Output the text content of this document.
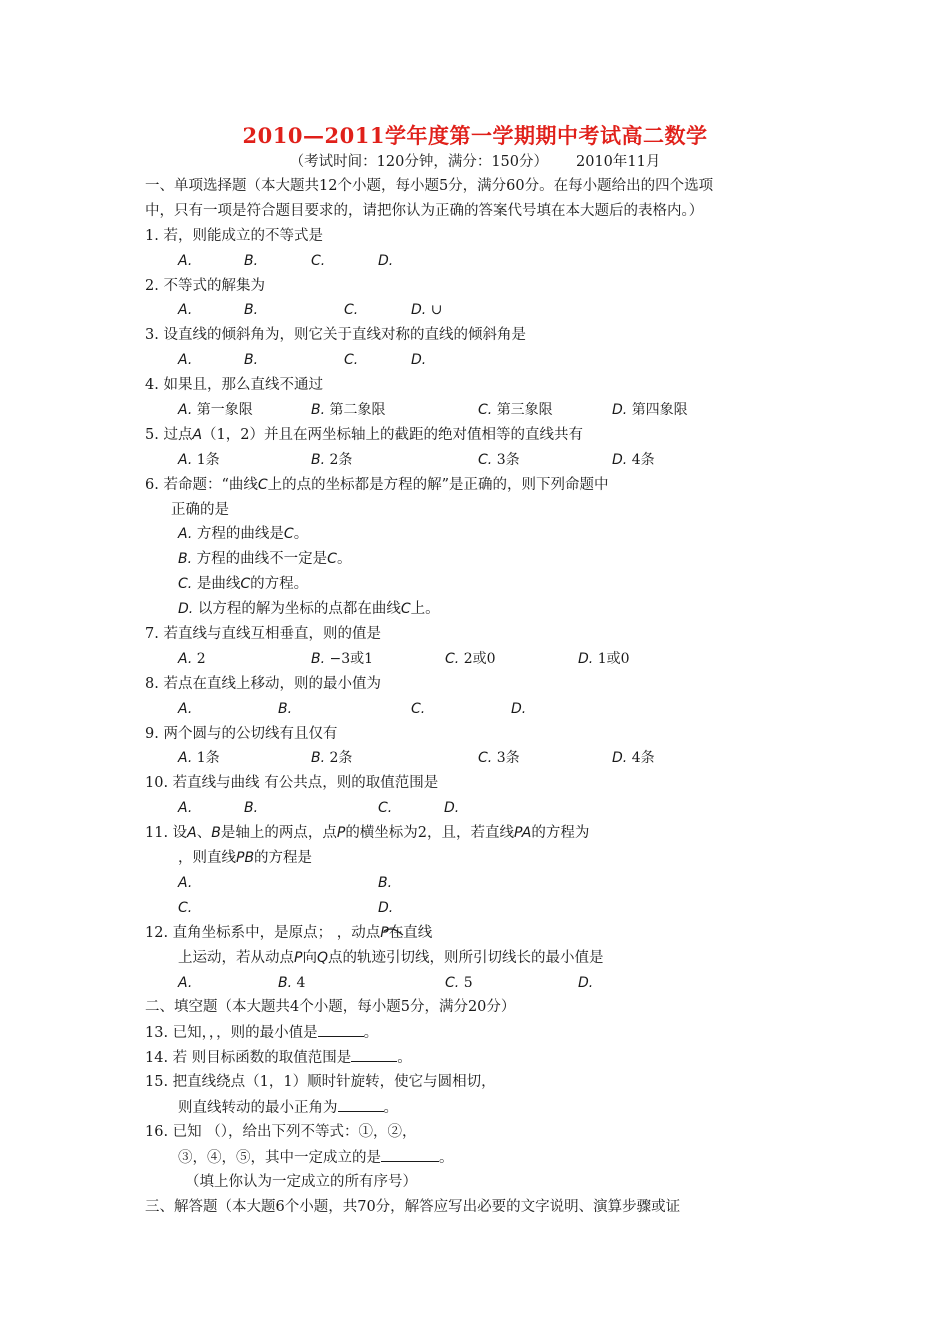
2010—2011学年度第一学期期中考试高二数学
（考试时间：120分钟，满分：150分） 2010年11月
一、单项选择题（本大题共12个小题，每小题5分，满分60分。在每小题给出的四个选项
中，只有一项是符合题目要求的，请把你认为正确的答案代号填在本大题后的表格内。）
1. 若，则能成立的不等式是
A.	B.	C.	D.
2. 不等式的解集为
A.	B.	C.	D. ∪
3. 设直线的倾斜角为，则它关于直线对称的直线的倾斜角是
A.	B.	C.	D.
4. 如果且，那么直线不通过
A. 第一象限	B. 第二象限	C. 第三象限	D. 第四象限
5. 过点A（1，2）并且在两坐标轴上的截距的绝对值相等的直线共有
A. 1条	B. 2条	C. 3条	D. 4条
6. 若命题：“曲线C上的点的坐标都是方程的解”是正确的，则下列命题中
正确的是
A. 方程的曲线是C。
B. 方程的曲线不一定是C。
C. 是曲线C的方程。
D. 以方程的解为坐标的点都在曲线C上。
7. 若直线与直线互相垂直，则的值是
A. 2	B. −3或1	C. 2或0	D. 1或0
8. 若点在直线上移动，则的最小值为
A.	B.	C.	D.
9. 两个圆与的公切线有且仅有
A. 1条	B. 2条	C. 3条	D. 4条
10. 若直线与曲线 有公共点，则的取值范围是
A.	B.	C.	D.
11. 设A、B是轴上的两点，点P的横坐标为2，且，若直线PA的方程为
，则直线PB的方程是
A.	B.
C.	D.
12. 直角坐标系中，是原点； ，动点P在直线
上运动，若从动点P向Q点的轨迹引切线，则所引切线长的最小值是
A.	B. 4	C. 5	D.
二、填空题（本大题共4个小题，每小题5分，满分20分）
13. 已知，，，则的最小值是	。
14. 若 则目标函数的取值范围是	。
15. 把直线绕点（1，1）顺时针旋转，使它与圆相切，
则直线转动的最小正角为	。
16. 已知 （），给出下列不等式：①，②，
③，④，⑤，其中一定成立的是	。
（填上你认为一定成立的所有序号）
三、解答题（本大题6个小题，共70分，解答应写出必要的文字说明、演算步骤或证
